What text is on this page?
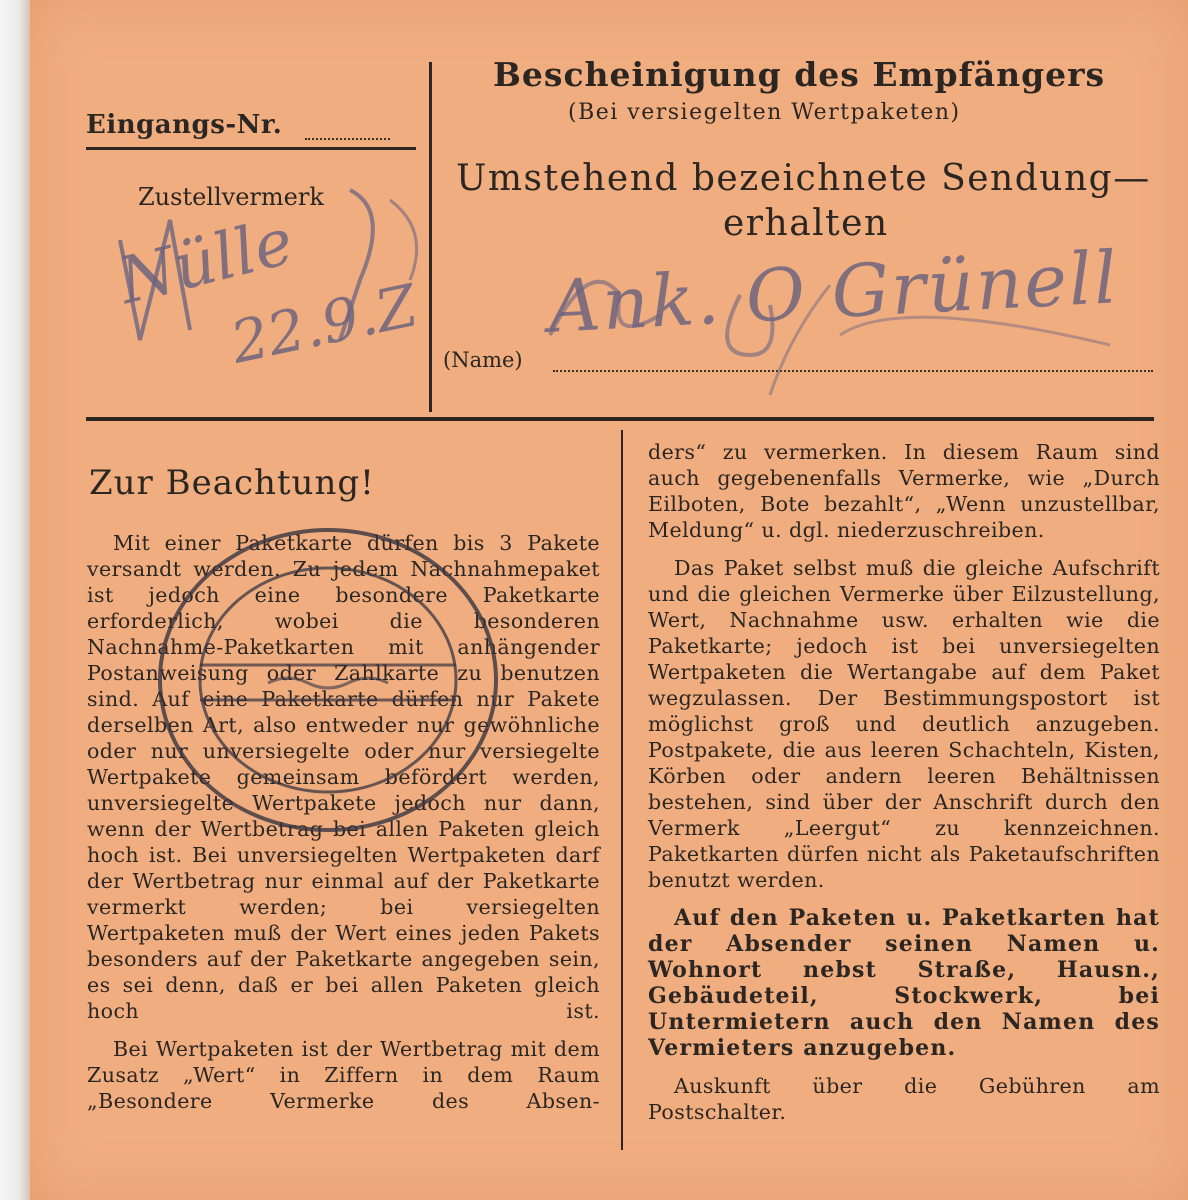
Eingangs-Nr.
Zustellvermerk
Nülle
22.9.Z
Bescheinigung des Empfängers
(Bei versiegelten Wertpaketen)
Umstehend bezeichnete Sendung—
erhalten
Ank. O Grünell
(Name)
Zur Beachtung!

Mit einer Paketkarte dürfen bis 3 Pakete versandt werden. Zu jedem Nachnahmepaket ist jedoch eine besondere Paketkarte erforderlich, wobei die besonderen Nachnahme-Paketkarten mit anhängender Postanweisung oder Zahlkarte zu benutzen sind. Auf eine Paketkarte dürfen nur Pakete derselben Art, also entweder nur gewöhnliche oder nur unversiegelte oder nur versiegelte Wertpakete gemeinsam befördert werden, unversiegelte Wertpakete jedoch nur dann, wenn der Wertbetrag bei allen Paketen gleich hoch ist. Bei unversiegelten Wertpaketen darf der Wertbetrag nur einmal auf der Paketkarte vermerkt werden; bei versiegelten Wertpaketen muß der Wert eines jeden Pakets besonders auf der Paketkarte angegeben sein, es sei denn, daß er bei allen Paketen gleich hoch ist.

Bei Wertpaketen ist der Wertbetrag mit dem Zusatz „Wert“ in Ziffern in dem Raum „Besondere Vermerke des Absen-

ders“ zu vermerken. In diesem Raum sind auch gegebenenfalls Vermerke, wie „Durch Eilboten, Bote bezahlt“, „Wenn unzustellbar, Meldung“ u. dgl. niederzuschreiben.

Das Paket selbst muß die gleiche Aufschrift und die gleichen Vermerke über Eilzustellung, Wert, Nachnahme usw. erhalten wie die Paketkarte; jedoch ist bei unversiegelten Wertpaketen die Wertangabe auf dem Paket wegzulassen. Der Bestimmungspostort ist möglichst groß und deutlich anzugeben. Postpakete, die aus leeren Schachteln, Kisten, Körben oder andern leeren Behältnissen bestehen, sind über der Anschrift durch den Vermerk „Leergut“ zu kennzeichnen. Paketkarten dürfen nicht als Paketaufschriften benutzt werden.

Auf den Paketen u. Paketkarten hat der Absender seinen Namen u. Wohnort nebst Straße, Hausn., Gebäudeteil, Stockwerk, bei Untermietern auch den Namen des Vermieters anzugeben.

Auskunft über die Gebühren am Postschalter.
